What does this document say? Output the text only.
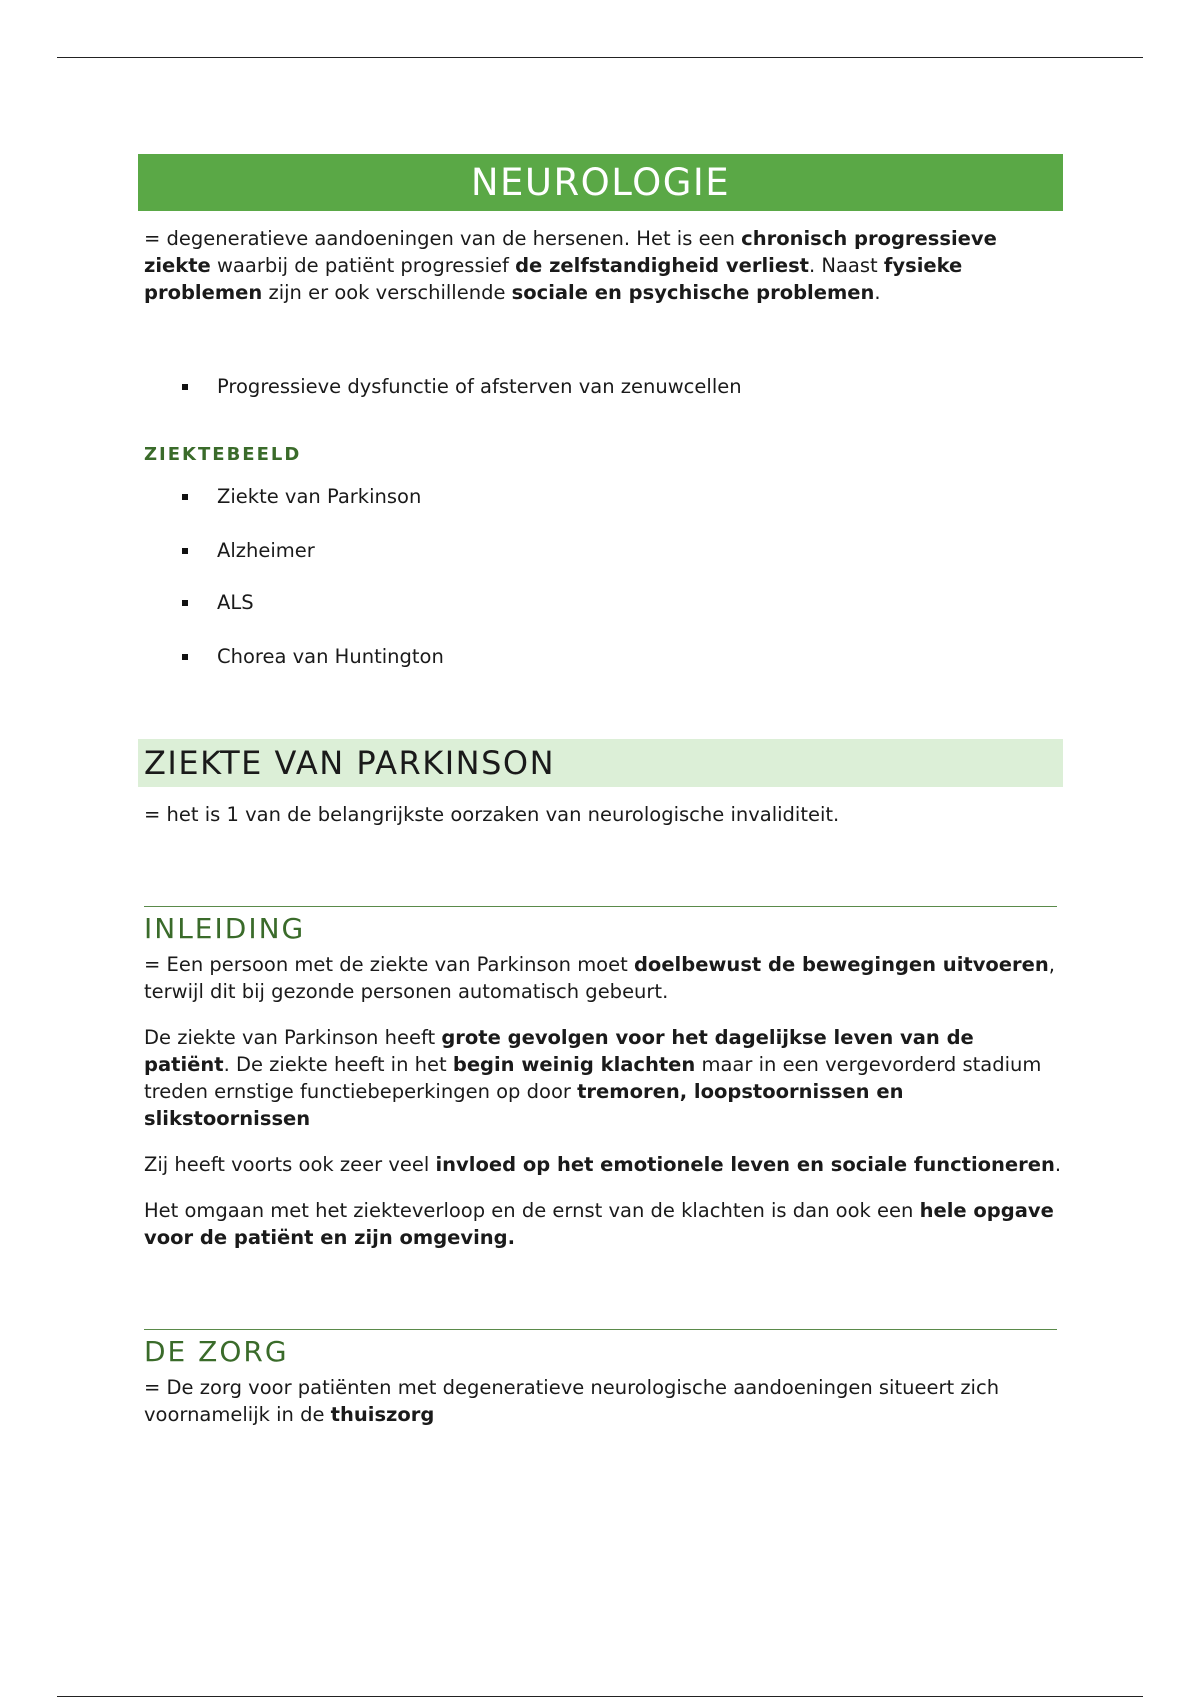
NEUROLOGIE

= degeneratieve aandoeningen van de hersenen. Het is een chronisch progressieve ziekte waarbij de patiënt progressief de zelfstandigheid verliest. Naast fysieke problemen zijn er ook verschillende sociale en psychische problemen.

Progressieve dysfunctie of afsterven van zenuwcellen
ZIEKTEBEELD
Ziekte van Parkinson
Alzheimer
ALS
Chorea van Huntington
ZIEKTE VAN PARKINSON

= het is 1 van de belangrijkste oorzaken van neurologische invaliditeit.

INLEIDING

= Een persoon met de ziekte van Parkinson moet doelbewust de bewegingen uitvoeren, terwijl dit bij gezonde personen automatisch gebeurt.

De ziekte van Parkinson heeft grote gevolgen voor het dagelijkse leven van de patiënt. De ziekte heeft in het begin weinig klachten maar in een vergevorderd stadium treden ernstige functiebeperkingen op door tremoren, loopstoornissen en slikstoornissen

Zij heeft voorts ook zeer veel invloed op het emotionele leven en sociale functioneren.

Het omgaan met het ziekteverloop en de ernst van de klachten is dan ook een hele opgave voor de patiënt en zijn omgeving.

DE ZORG

= De zorg voor patiënten met degeneratieve neurologische aandoeningen situeert zich voornamelijk in de thuiszorg
